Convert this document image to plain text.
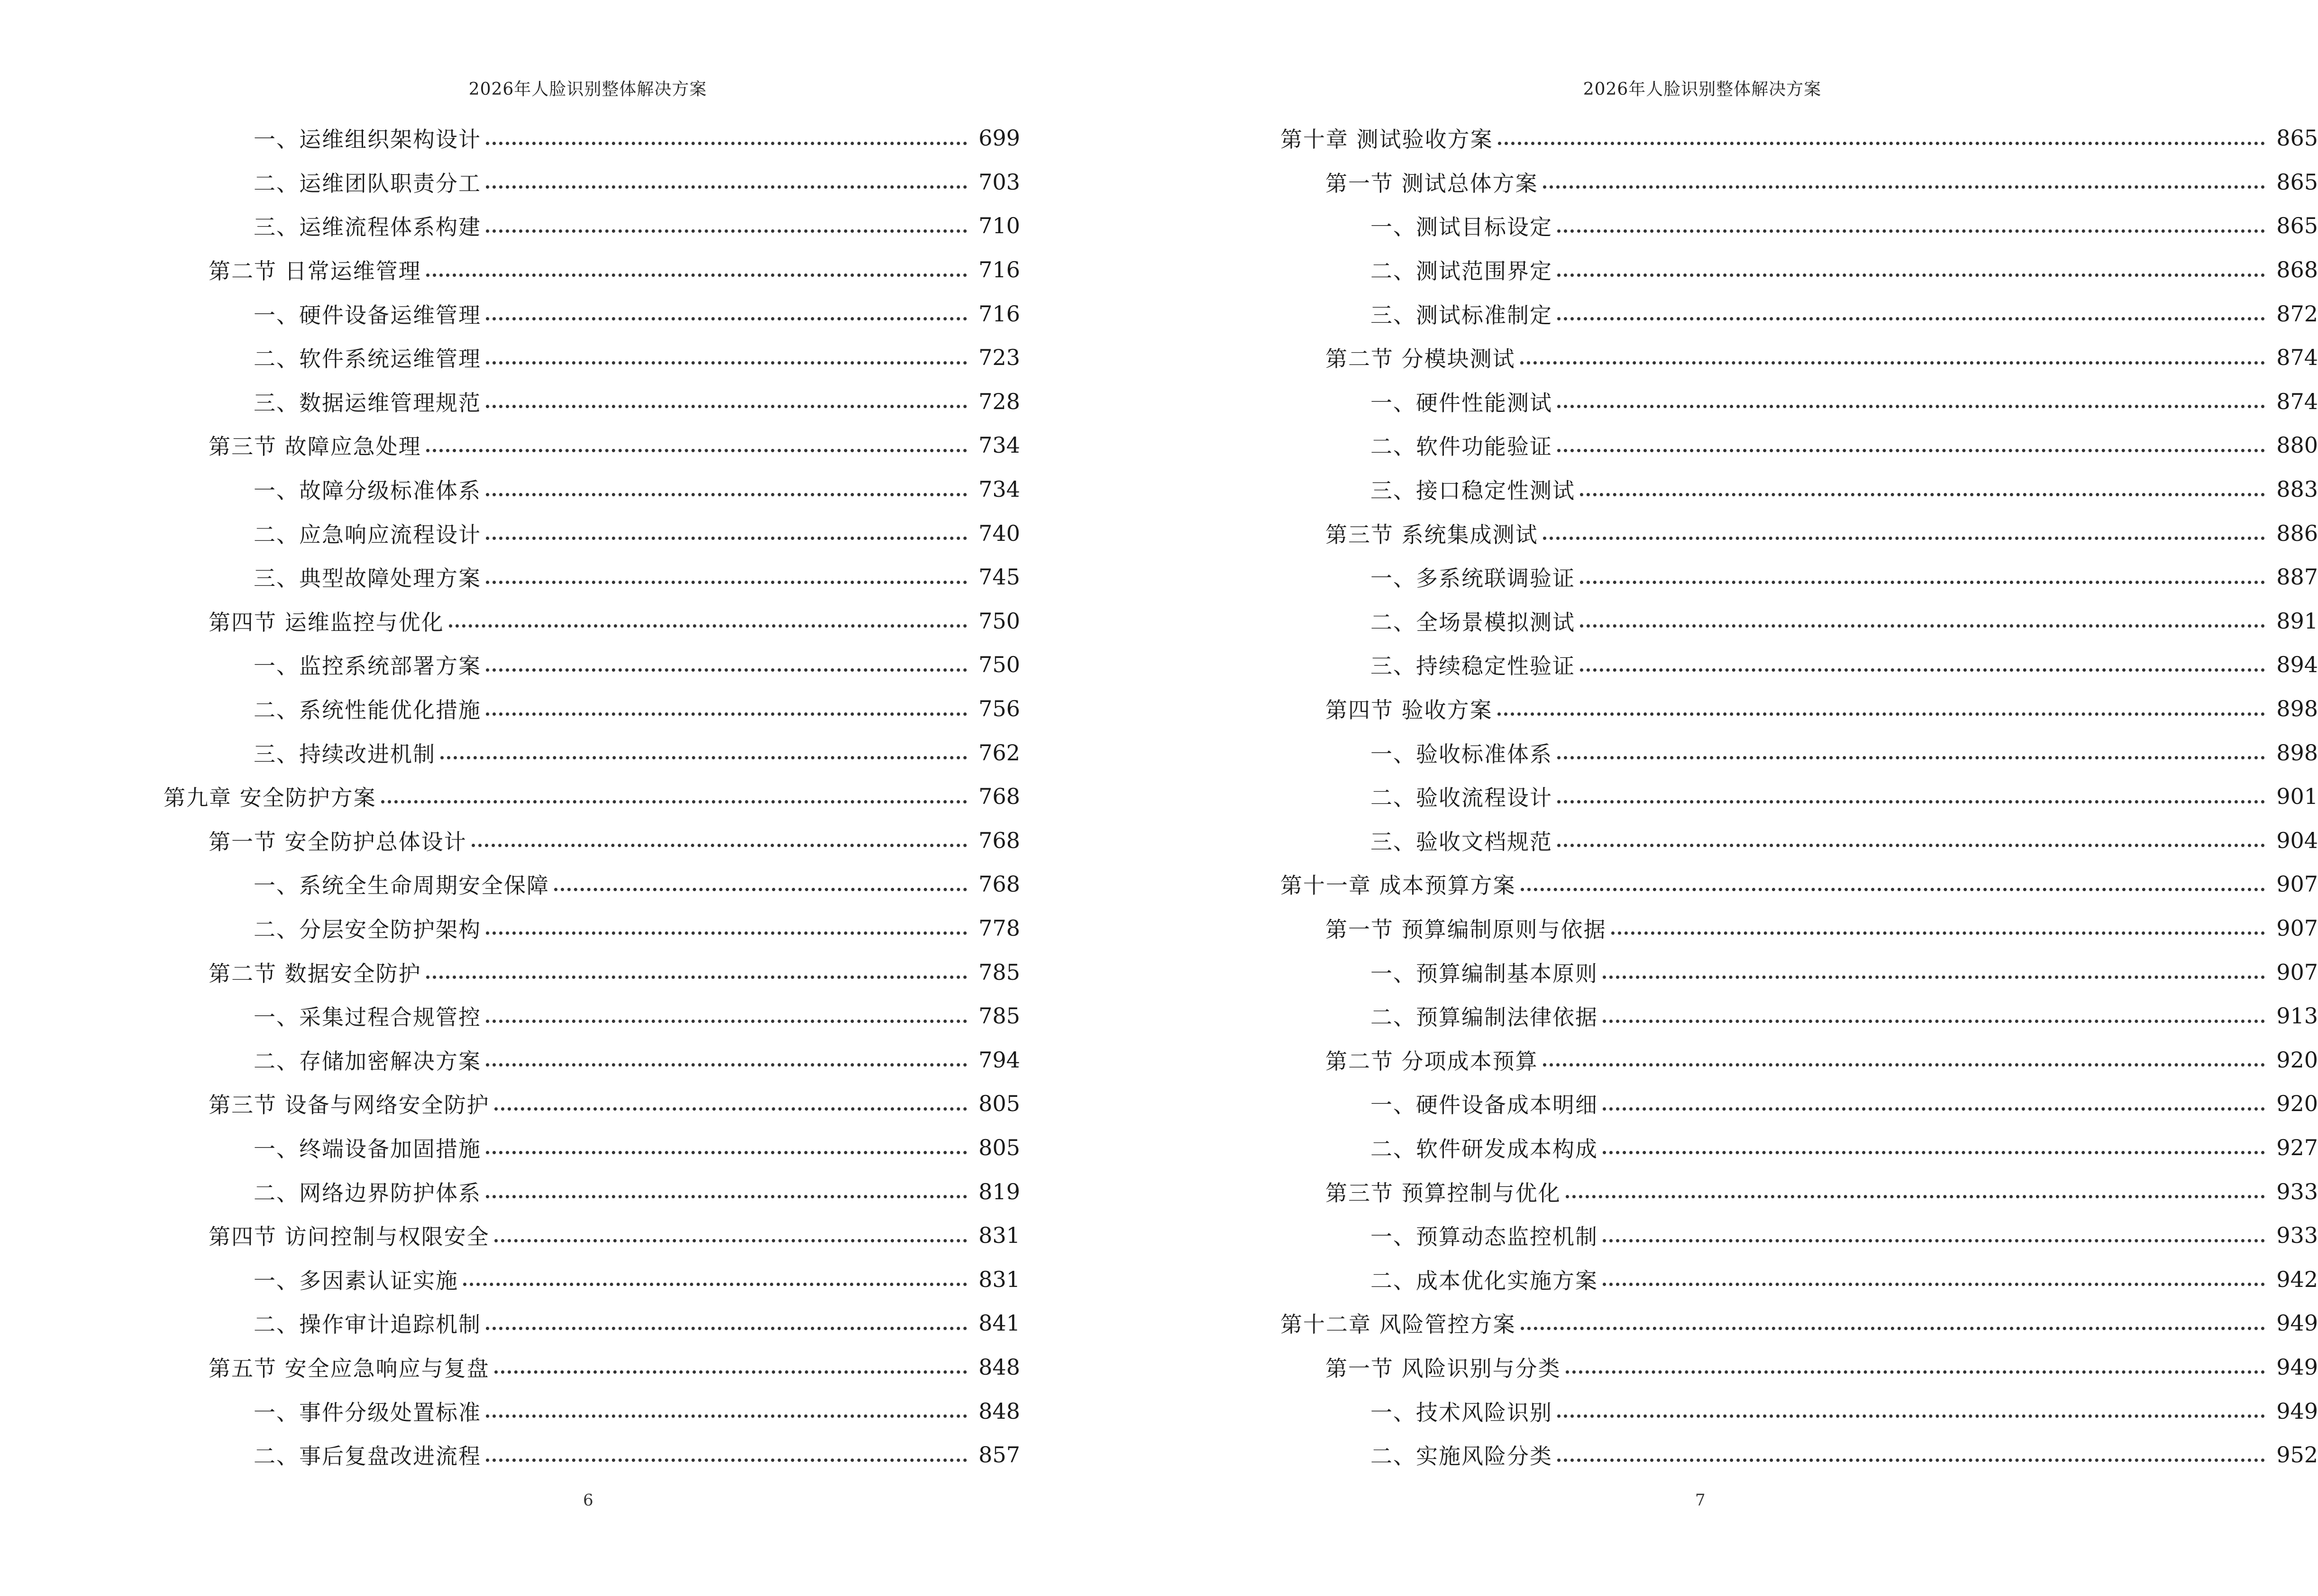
2026年人脸识别整体解决方案
一、运维组织架构设计	699
二、运维团队职责分工	703
三、运维流程体系构建	710
第二节 日常运维管理	716
一、硬件设备运维管理	716
二、软件系统运维管理	723
三、数据运维管理规范	728
第三节 故障应急处理	734
一、故障分级标准体系	734
二、应急响应流程设计	740
三、典型故障处理方案	745
第四节 运维监控与优化	750
一、监控系统部署方案	750
二、系统性能优化措施	756
三、持续改进机制	762
第九章 安全防护方案	768
第一节 安全防护总体设计	768
一、系统全生命周期安全保障	768
二、分层安全防护架构	778
第二节 数据安全防护	785
一、采集过程合规管控	785
二、存储加密解决方案	794
第三节 设备与网络安全防护	805
一、终端设备加固措施	805
二、网络边界防护体系	819
第四节 访问控制与权限安全	831
一、多因素认证实施	831
二、操作审计追踪机制	841
第五节 安全应急响应与复盘	848
一、事件分级处置标准	848
二、事后复盘改进流程	857
6
2026年人脸识别整体解决方案
第十章 测试验收方案	865
第一节 测试总体方案	865
一、测试目标设定	865
二、测试范围界定	868
三、测试标准制定	872
第二节 分模块测试	874
一、硬件性能测试	874
二、软件功能验证	880
三、接口稳定性测试	883
第三节 系统集成测试	886
一、多系统联调验证	887
二、全场景模拟测试	891
三、持续稳定性验证	894
第四节 验收方案	898
一、验收标准体系	898
二、验收流程设计	901
三、验收文档规范	904
第十一章 成本预算方案	907
第一节 预算编制原则与依据	907
一、预算编制基本原则	907
二、预算编制法律依据	913
第二节 分项成本预算	920
一、硬件设备成本明细	920
二、软件研发成本构成	927
第三节 预算控制与优化	933
一、预算动态监控机制	933
二、成本优化实施方案	942
第十二章 风险管控方案	949
第一节 风险识别与分类	949
一、技术风险识别	949
二、实施风险分类	952
7
